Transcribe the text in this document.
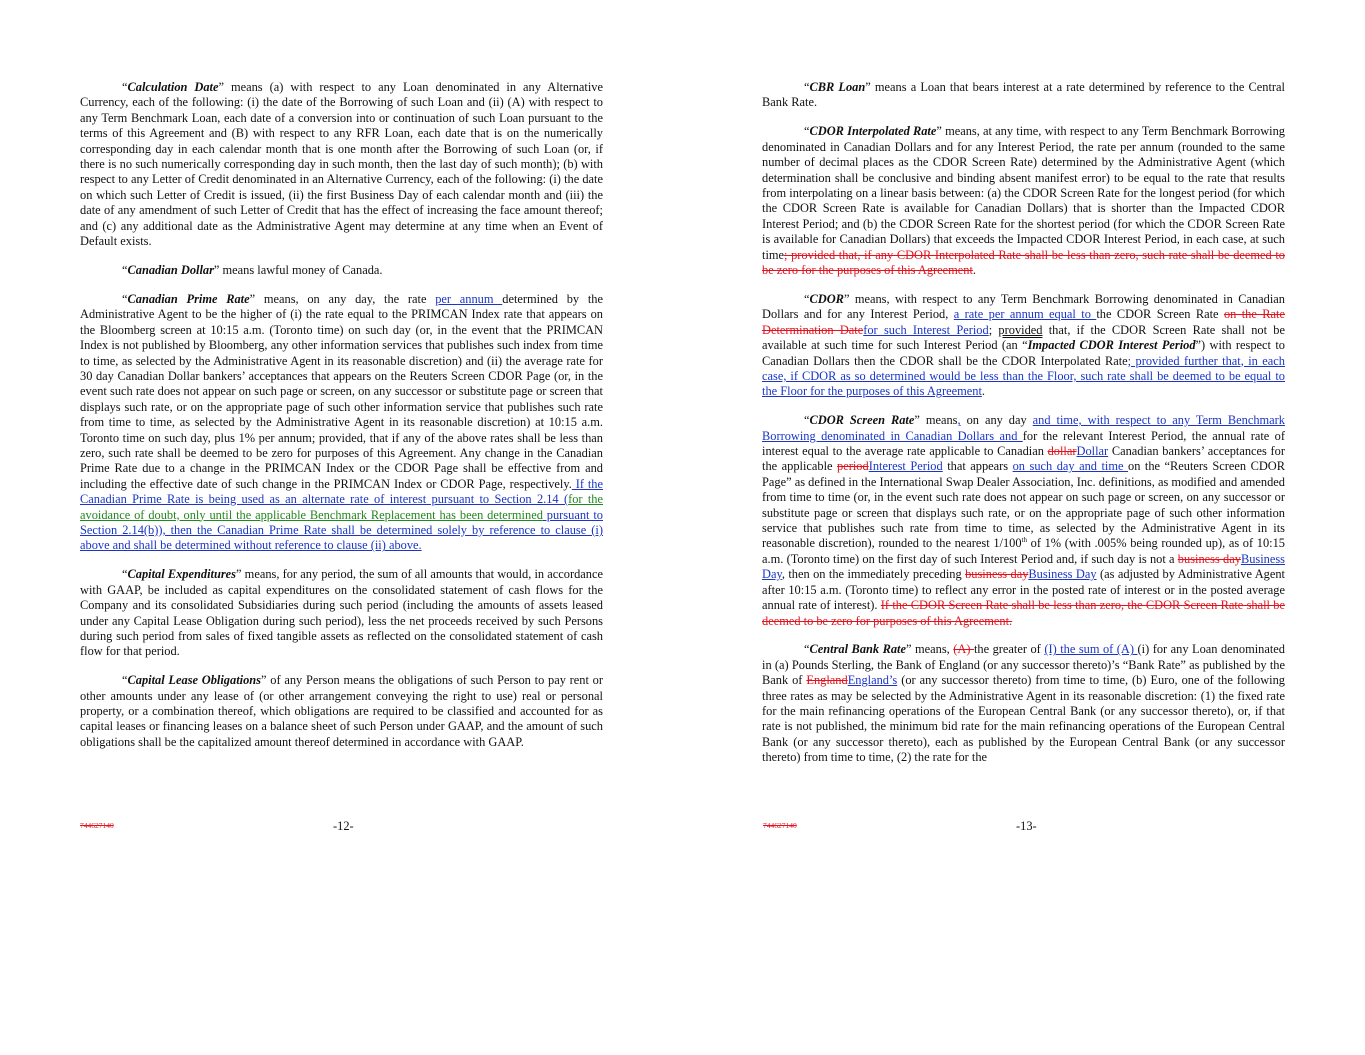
“Calculation Date” means (a) with respect to any Loan denominated in any Alternative Currency, each of the following: (i) the date of the Borrowing of such Loan and (ii) (A) with respect to any Term Benchmark Loan, each date of a conversion into or continuation of such Loan pursuant to the terms of this Agreement and (B) with respect to any RFR Loan, each date that is on the numerically corresponding day in each calendar month that is one month after the Borrowing of such Loan (or, if there is no such numerically corresponding day in such month, then the last day of such month); (b) with respect to any Letter of Credit denominated in an Alternative Currency, each of the following: (i) the date on which such Letter of Credit is issued, (ii) the first Business Day of each calendar month and (iii) the date of any amendment of such Letter of Credit that has the effect of increasing the face amount thereof; and (c) any additional date as the Administrative Agent may determine at any time when an Event of Default exists.

“Canadian Dollar” means lawful money of Canada.

“Canadian Prime Rate” means, on any day, the rate per annum determined by the Administrative Agent to be the higher of (i) the rate equal to the PRIMCAN Index rate that appears on the Bloomberg screen at 10:15 a.m. (Toronto time) on such day (or, in the event that the PRIMCAN Index is not published by Bloomberg, any other information services that publishes such index from time to time, as selected by the Administrative Agent in its reasonable discretion) and (ii) the average rate for 30 day Canadian Dollar bankers’ acceptances that appears on the Reuters Screen CDOR Page (or, in the event such rate does not appear on such page or screen, on any successor or substitute page or screen that displays such rate, or on the appropriate page of such other information service that publishes such rate from time to time, as selected by the Administrative Agent in its reasonable discretion) at 10:15 a.m. Toronto time on such day, plus 1% per annum; provided, that if any of the above rates shall be less than zero, such rate shall be deemed to be zero for purposes of this Agreement. Any change in the Canadian Prime Rate due to a change in the PRIMCAN Index or the CDOR Page shall be effective from and including the effective date of such change in the PRIMCAN Index or CDOR Page, respectively. If the Canadian Prime Rate is being used as an alternate rate of interest pursuant to Section 2.14 (for the avoidance of doubt, only until the applicable Benchmark Replacement has been determined pursuant to Section 2.14(b)), then the Canadian Prime Rate shall be determined solely by reference to clause (i) above and shall be determined without reference to clause (ii) above.

“Capital Expenditures” means, for any period, the sum of all amounts that would, in accordance with GAAP, be included as capital expenditures on the consolidated statement of cash flows for the Company and its consolidated Subsidiaries during such period (including the amounts of assets leased under any Capital Lease Obligation during such period), less the net proceeds received by such Persons during such period from sales of fixed tangible assets as reflected on the consolidated statement of cash flow for that period.

“Capital Lease Obligations” of any Person means the obligations of such Person to pay rent or other amounts under any lease of (or other arrangement conveying the right to use) real or personal property, or a combination thereof, which obligations are required to be classified and accounted for as capital leases or financing leases on a balance sheet of such Person under GAAP, and the amount of such obligations shall be the capitalized amount thereof determined in accordance with GAAP.

744627140	-12-

“CBR Loan” means a Loan that bears interest at a rate determined by reference to the Central Bank Rate.

“CDOR Interpolated Rate” means, at any time, with respect to any Term Benchmark Borrowing denominated in Canadian Dollars and for any Interest Period, the rate per annum (rounded to the same number of decimal places as the CDOR Screen Rate) determined by the Administrative Agent (which determination shall be conclusive and binding absent manifest error) to be equal to the rate that results from interpolating on a linear basis between: (a) the CDOR Screen Rate for the longest period (for which the CDOR Screen Rate is available for Canadian Dollars) that is shorter than the Impacted CDOR Interest Period; and (b) the CDOR Screen Rate for the shortest period (for which the CDOR Screen Rate is available for Canadian Dollars) that exceeds the Impacted CDOR Interest Period, in each case, at such time; provided that, if any CDOR Interpolated Rate shall be less than zero, such rate shall be deemed to be zero for the purposes of this Agreement.

“CDOR” means, with respect to any Term Benchmark Borrowing denominated in Canadian Dollars and for any Interest Period, a rate per annum equal to the CDOR Screen Rate on the Rate Determination Datefor such Interest Period; provided that, if the CDOR Screen Rate shall not be available at such time for such Interest Period (an “Impacted CDOR Interest Period”) with respect to Canadian Dollars then the CDOR shall be the CDOR Interpolated Rate; provided further that, in each case, if CDOR as so determined would be less than the Floor, such rate shall be deemed to be equal to the Floor for the purposes of this Agreement.

“CDOR Screen Rate” means, on any day and time, with respect to any Term Benchmark Borrowing denominated in Canadian Dollars and for the relevant Interest Period, the annual rate of interest equal to the average rate applicable to Canadian dollarDollar Canadian bankers’ acceptances for the applicable periodInterest Period that appears on such day and time on the “Reuters Screen CDOR Page” as defined in the International Swap Dealer Association, Inc. definitions, as modified and amended from time to time (or, in the event such rate does not appear on such page or screen, on any successor or substitute page or screen that displays such rate, or on the appropriate page of such other information service that publishes such rate from time to time, as selected by the Administrative Agent in its reasonable discretion), rounded to the nearest 1/100th of 1% (with .005% being rounded up), as of 10:15 a.m. (Toronto time) on the first day of such Interest Period and, if such day is not a business dayBusiness Day, then on the immediately preceding business dayBusiness Day (as adjusted by Administrative Agent after 10:15 a.m. (Toronto time) to reflect any error in the posted rate of interest or in the posted average annual rate of interest). If the CDOR Screen Rate shall be less than zero, the CDOR Screen Rate shall be deemed to be zero for purposes of this Agreement.

“Central Bank Rate” means, (A) the greater of (I) the sum of (A) (i) for any Loan denominated in (a) Pounds Sterling, the Bank of England (or any successor thereto)’s “Bank Rate” as published by the Bank of EnglandEngland’s (or any successor thereto) from time to time, (b) Euro, one of the following three rates as may be selected by the Administrative Agent in its reasonable discretion: (1) the fixed rate for the main refinancing operations of the European Central Bank (or any successor thereto), or, if that rate is not published, the minimum bid rate for the main refinancing operations of the European Central Bank (or any successor thereto), each as published by the European Central Bank (or any successor thereto) from time to time, (2) the rate for the

744627140	-13-
